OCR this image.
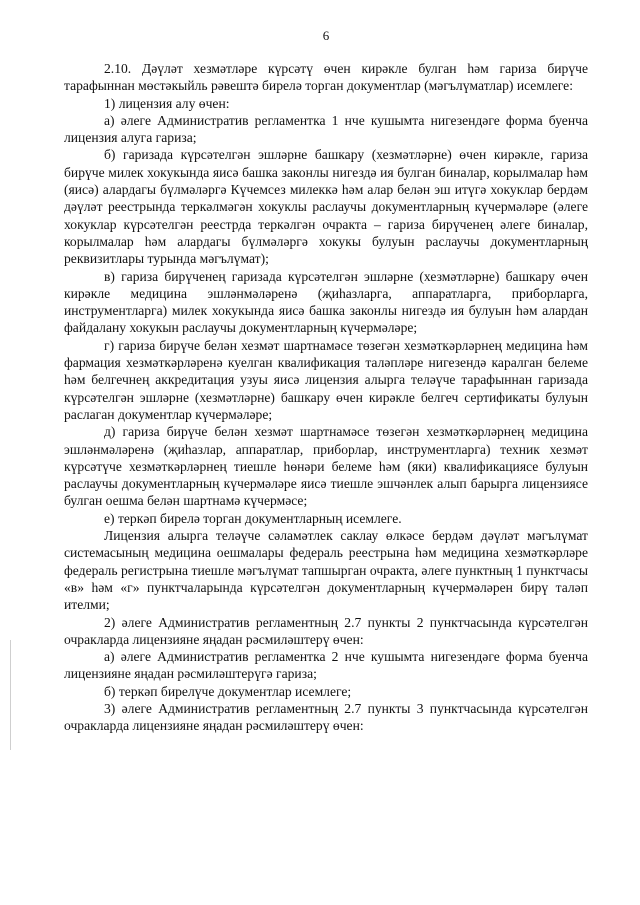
6

2.10. Дәүләт хезмәтләре күрсәтү өчен кирәкле булган һәм гариза бирүче тарафыннан мөстәкыйль рәвештә бирелә торган документлар (мәгълүматлар) исемлеге:

1) лицензия алу өчен:

а) әлеге Административ регламентка 1 нче кушымта нигезендәге форма буенча лицензия алуга гариза;

б) гаризада күрсәтелгән эшләрне башкару (хезмәтләрне) өчен кирәкле, гариза бирүче милек хокукында яисә башка законлы нигездә ия булган биналар, корылмалар һәм (яисә) алардагы бүлмәләргә Күчемсез милеккә һәм алар белән эш итүгә хокуклар бердәм дәүләт реестрында теркәлмәгән хокуклы раслаучы документларның күчермәләре (әлеге хокуклар күрсәтелгән реестрда теркәлгән очракта – гариза бирүченең әлеге биналар, корылмалар һәм алардагы бүлмәләргә хокукы булуын раслаучы документларның реквизитлары турында мәгълүмат);

в) гариза бирүченең гаризада күрсәтелгән эшләрне (хезмәтләрне) башкару өчен кирәкле медицина эшләнмәләренә (җиһазларга, аппаратларга, приборларга, инструментларга) милек хокукында яисә башка законлы нигездә ия булуын һәм алардан файдалану хокукын раслаучы документларның күчермәләре;

г) гариза бирүче белән хезмәт шартнамәсе төзегән хезмәткәрләрнең медицина һәм фармация хезмәткәрләренә куелган квалификация таләпләре нигезендә каралган белеме һәм белгечнең аккредитация узуы яисә лицензия алырга теләүче тарафыннан гаризада күрсәтелгән эшләрне (хезмәтләрне) башкару өчен кирәкле белгеч сертификаты булуын раслаган документлар күчермәләре;

д) гариза бирүче белән хезмәт шартнамәсе төзегән хезмәткәрләрнең медицина эшләнмәләренә (җиһазлар, аппаратлар, приборлар, инструментларга) техник хезмәт күрсәтүче хезмәткәрләрнең тиешле һөнәри белеме һәм (яки) квалификациясе булуын раслаучы документларның күчермәләре яисә тиешле эшчәнлек алып барырга лицензиясе булган оешма белән шартнамә күчермәсе;

е) теркәп бирелә торган документларның исемлеге.

Лицензия алырга теләүче сәламәтлек саклау өлкәсе бердәм дәүләт мәгълүмат системасының медицина оешмалары федераль реестрына һәм медицина хезмәткәрләре федераль регистрына тиешле мәгълүмат тапшырган очракта, әлеге пунктның 1 пунктчасы «в» һәм «г» пунктчаларында күрсәтелгән документларның күчермәләрен бирү таләп ителми;

2) әлеге Административ регламентның 2.7 пункты 2 пунктчасында күрсәтелгән очракларда лицензияне яңадан рәсмиләштерү өчен:

а) әлеге Административ регламентка 2 нче кушымта нигезендәге форма буенча лицензияне яңадан рәсмиләштерүгә гариза;

б) теркәп бирелүче документлар исемлеге;

3) әлеге Административ регламентның 2.7 пункты 3 пунктчасында күрсәтелгән очракларда лицензияне яңадан рәсмиләштерү өчен:
